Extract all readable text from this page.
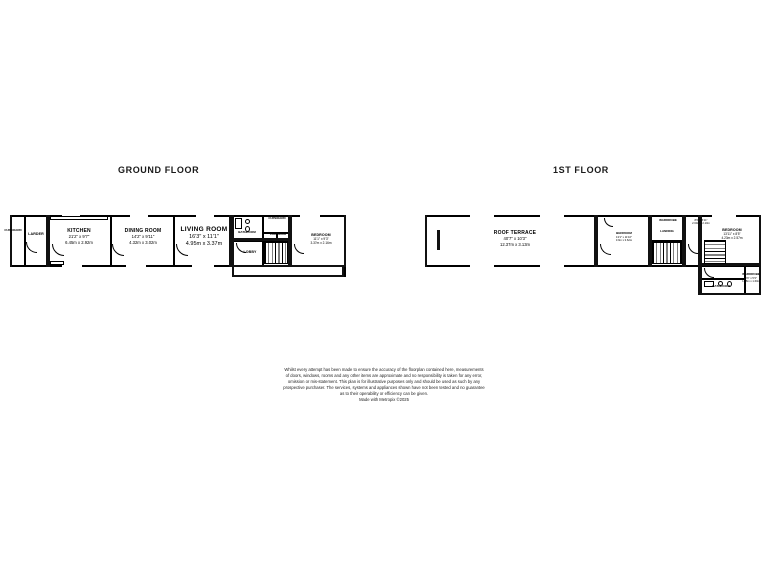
GROUND FLOOR	1ST FLOOR
CUPBOARD
LARDER	KITCHEN
21'2" x 9'7"
6.45m x 2.92m
DINING ROOM
14'2" x 9'11"
4.32m x 3.02m
LIVING ROOM
16'3" x 11'1"
4.95m x 3.37m
BATHROOM
LOBBY
CUPBOARD
CORRIDOR	BEDROOM
11'1" x 9'3"
3.37m x 2.16m
ROOF TERRACE
40'7" x 10'3"
12.37m x 3.13m
BEDROOM
13'1" x 11'10"
3.9m x 3.62m
LANDING	BEDROOM
13'11" x 8'5"
4.23m x 2.57m
WARDROBE	8'6" x 6'11"
2.60m x 2.10m
BATHROOM
WARDROBE
6'6" x 5'3"
1.98m x 1.60m
Whilst every attempt has been made to ensure the accuracy of the floorplan contained here, measurements
of doors, windows, rooms and any other items are approximate and no responsibility is taken for any error,
omission or mis-statement. This plan is for illustrative purposes only and should be used as such by any
prospective purchaser. The services, systems and appliances shown have not been tested and no guarantee
as to their operability or efficiency can be given.
Made with Metropix ©2025
